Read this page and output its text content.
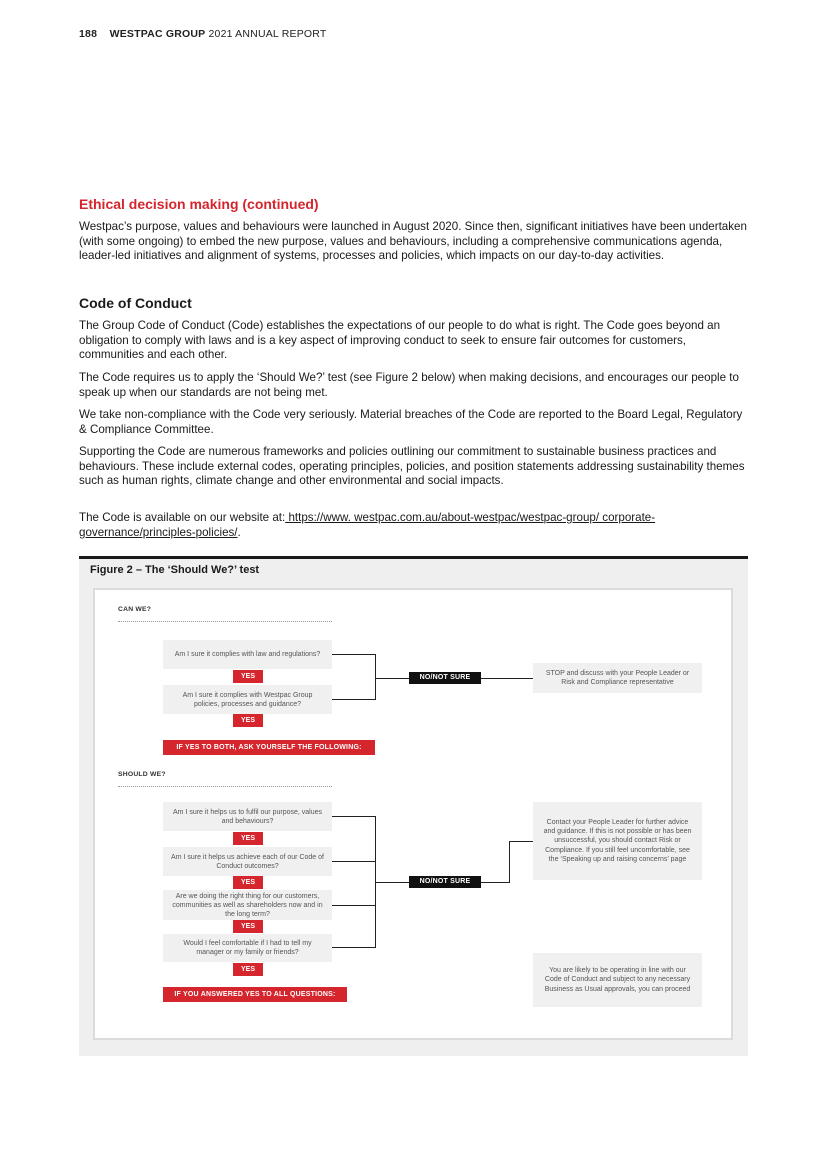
188 WESTPAC GROUP 2021 ANNUAL REPORT
Ethical decision making (continued)

Westpac’s purpose, values and behaviours were launched in August 2020. Since then, significant initiatives have been undertaken (with some ongoing) to embed the new purpose, values and behaviours, including a comprehensive communications agenda, leader-led initiatives and alignment of systems, processes and policies, which impacts on our day-to-day activities.

Code of Conduct

The Group Code of Conduct (Code) establishes the expectations of our people to do what is right. The Code goes beyond an obligation to comply with laws and is a key aspect of improving conduct to seek to ensure fair outcomes for customers, communities and each other.

The Code requires us to apply the ‘Should We?’ test (see Figure 2 below) when making decisions, and encourages our people to speak up when our standards are not being met.

We take non-compliance with the Code very seriously. Material breaches of the Code are reported to the Board Legal, Regulatory & Compliance Committee.

Supporting the Code are numerous frameworks and policies outlining our commitment to sustainable business practices and behaviours. These include external codes, operating principles, policies, and position statements addressing sustainability themes such as human rights, climate change and other environmental and social impacts.

The Code is available on our website at: https://www. westpac.com.au/about-westpac/westpac-group/ corporate-governance/principles-policies/.

Figure 2 – The ‘Should We?’ test
CAN WE?
Am I sure it complies with law and regulations?
YES
Am I sure it complies with Westpac Group policies, processes and guidance?
YES
IF YES TO BOTH, ASK YOURSELF THE FOLLOWING:
NO/NOT SURE
STOP and discuss with your People Leader or Risk and Compliance representative
SHOULD WE?
Am I sure it helps us to fulfil our purpose, values and behaviours?
YES
Am I sure it helps us achieve each of our Code of Conduct outcomes?
YES
Are we doing the right thing for our customers, communities as well as shareholders now and in the long term?
YES
Would I feel comfortable if I had to tell my manager or my family or friends?
YES
IF YOU ANSWERED YES TO ALL QUESTIONS:
NO/NOT SURE
Contact your People Leader for further advice and guidance. If this is not possible or has been unsuccessful, you should contact Risk or Compliance. If you still feel uncomfortable, see the ‘Speaking up and raising concerns’ page
You are likely to be operating in line with our Code of Conduct and subject to any necessary Business as Usual approvals, you can proceed
